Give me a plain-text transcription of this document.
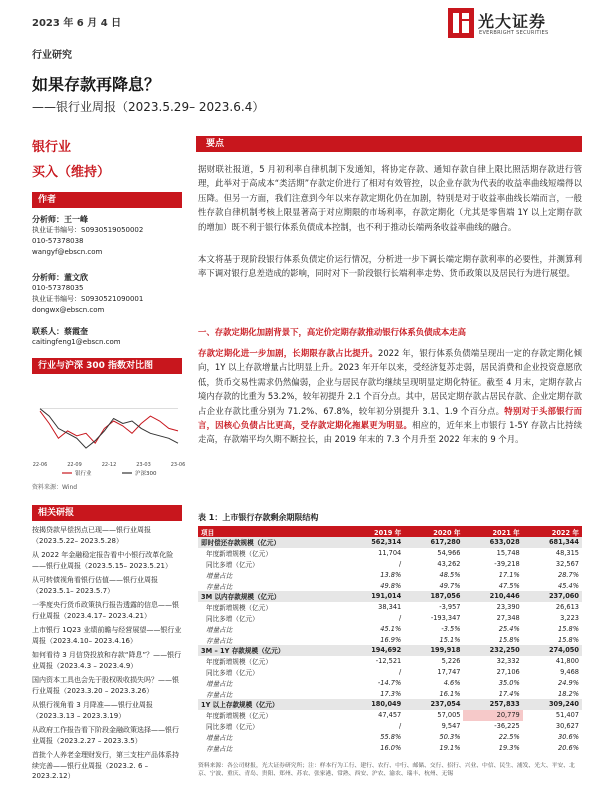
2023 年 6 月 4 日	光大证券
EVERBRIGHT SECURITIES
行业研究
如果存款再降息？
——银行业周报（2023.5.29– 2023.6.4）
银行业
买入（维持）
作者
分析师：王一峰
执业证书编号：S0930519050002
010-57378038
wangyf@ebscn.com
分析师：董文欣
010-57378035
执业证书编号：S0930521090001
dongwx@ebscn.com
联系人：蔡霞奎
caitingfeng1@ebscn.com
行业与沪深 300 指数对比图
22-06	22-09	22-12	23-03	23-06
银行业	沪深300
资料来源：Wind
相关研报
按揭贷款早偿拐点已现——银行业周报（2023.5.22– 2023.5.28）
从 2022 年金融稳定报告看中小银行改革化险——银行业周报（2023.5.15– 2023.5.21）
从可转债视角看银行估值——银行业周报（2023.5.1– 2023.5.7）
一季度央行货币政策执行报告透露的信息——银行业周报（2023.4.17– 2023.4.21）
上市银行 1Q23 业绩前瞻与经营展望——银行业周报（2023.4.10– 2023.4.16）
如何看待 3 月信贷投放和存款“降息”？——银行业周报（2023.4.3 – 2023.4.9）
国内资本工具也会先于股权吸收损失吗？——银行业周报（2023.3.20 – 2023.3.26）
从银行视角看 3 月降准——银行业周报（2023.3.13 – 2023.3.19）
从政府工作报告看下阶段金融政策选择——银行业周报（2023.2.27 – 2023.3.5）
首批个人养老金理财发行，第三支柱产品体系持续完善——银行业周报（2023.2. 6 – 2023.2.12）
要点
据财联社报道，5 月初利率自律机制下发通知，将协定存款、通知存款自律上限比照活期存款进行管理，此举对于高成本“类活期”存款定价进行了相对有效管控，以企业存款为代表的收益率曲线短端得以压降。但另一方面，我们注意到今年以来存款定期化仍在加剧，特别是对于收益率曲线长端而言，一般性存款自律机制考核上限显著高于对应期限的市场利率，存款定期化（尤其是零售端 1Y 以上定期存款的增加）既不利于银行体系负债成本控制，也不利于推动长端两条收益率曲线的融合。
本文将基于现阶段银行体系负债定价运行情况，分析进一步下调长端定期存款利率的必要性，并测算利率下调对银行息差造成的影响，同时对下一阶段银行长端利率走势、货币政策以及居民行为进行展望。
一、存款定期化加剧背景下，高定价定期存款推动银行体系负债成本走高
存款定期化进一步加剧，长期限存款占比提升。2022 年，银行体系负债端呈现出一定的存款定期化倾向，1Y 以上存款增量占比明显上升。2023 年开年以来，受经济复苏走弱，居民消费和企业投资意愿欣低，货币交易性需求仍然偏弱，企业与居民存款均继续呈现明显定期化特征。截至 4 月末，定期存款占境内存款的比重为 53.2%，较年初提升 2.1 个百分点。其中，居民定期存款占居民存款、企业定期存款占企业存款比重分别为 71.2%、67.8%，较年初分别提升 3.1、1.9 个百分点。特别对于头部银行而言，因核心负债占比更高，受存款定期化拖累更为明显。相应的，近年来上市银行 1-5Y 存款占比持续走高，存款端平均久期不断拉长，由 2019 年末的 7.3 个月升至 2022 年末的 9 个月。
表 1：上市银行存款剩余期限结构
项目	2019 年	2020 年	2021 年	2022 年
即时偿还存款规模（亿元）	562,314	617,280	633,028	681,344
年度新增规模（亿元）	11,704	54,966	15,748	48,315
同比多增（亿元）	/	43,262	-39,218	32,567
增量占比	13.8%	48.5%	17.1%	28.7%
存量占比	49.8%	49.7%	47.5%	45.4%
3M 以内存款规模（亿元）	191,014	187,056	210,446	237,060
年度新增规模（亿元）	38,341	-3,957	23,390	26,613
同比多增（亿元）	/	-193,347	27,348	3,223
增量占比	45.1%	-3.5%	25.4%	15.8%
存量占比	16.9%	15.1%	15.8%	15.8%
3M – 1Y 存款规模（亿元）	194,692	199,918	232,250	274,050
年度新增规模（亿元）	-12,521	5,226	32,332	41,800
同比多增（亿元）	/	17,747	27,106	9,468
增量占比	-14.7%	4.6%	35.0%	24.9%
存量占比	17.3%	16.1%	17.4%	18.2%
1Y 以上存款规模（亿元）	180,049	237,054	257,833	309,240
年度新增规模（亿元）	47,457	57,005	20,779	51,407
同比多增（亿元）	/	9,547	-36,225	30,627
增量占比	55.8%	50.3%	22.5%	30.6%
存量占比	16.0%	19.1%	19.3%	20.6%
资料来源：各公司财报，光大证券研究所；注：样本行为工行、建行、农行、中行、邮储、交行、招行、兴业、中信、民生、浦发、光大、平安、北京、宁波、重庆、青岛、贵阳、郑州、苏农、张家港、常熟、西安、沪农、渝农、瑞丰、杭州、无锡
